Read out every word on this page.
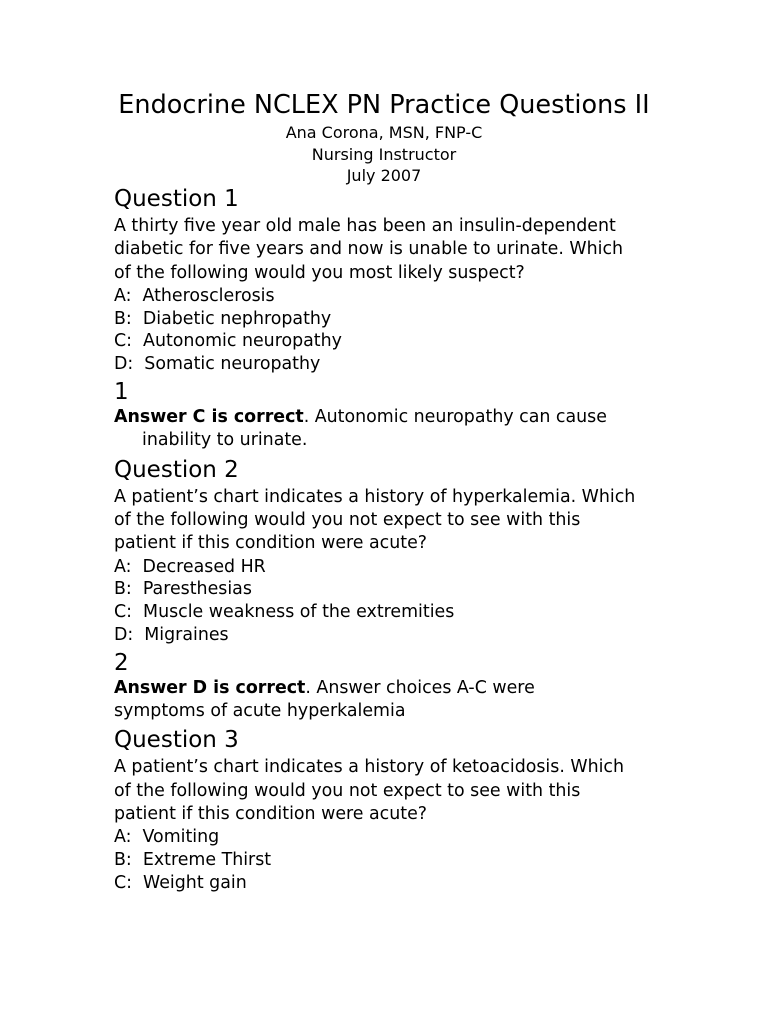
Endocrine NCLEX PN Practice Questions II
Ana Corona, MSN, FNP-C
Nursing Instructor
July 2007
Question 1
A thirty five year old male has been an insulin-dependent diabetic for five years and now is unable to urinate. Which of the following would you most likely suspect?
A:  Atherosclerosis
B:  Diabetic nephropathy
C:  Autonomic neuropathy
D:  Somatic neuropathy
1
Answer C is correct. Autonomic neuropathy can cause
inability to urinate.
Question 2
A patient’s chart indicates a history of hyperkalemia. Which of the following would you not expect to see with this patient if this condition were acute?
A:  Decreased HR
B:  Paresthesias
C:  Muscle weakness of the extremities
D:  Migraines
2
Answer D is correct. Answer choices A-C were symptoms of acute hyperkalemia
Question 3
A patient’s chart indicates a history of ketoacidosis. Which of the following would you not expect to see with this patient if this condition were acute?
A:  Vomiting
B:  Extreme Thirst
C:  Weight gain
